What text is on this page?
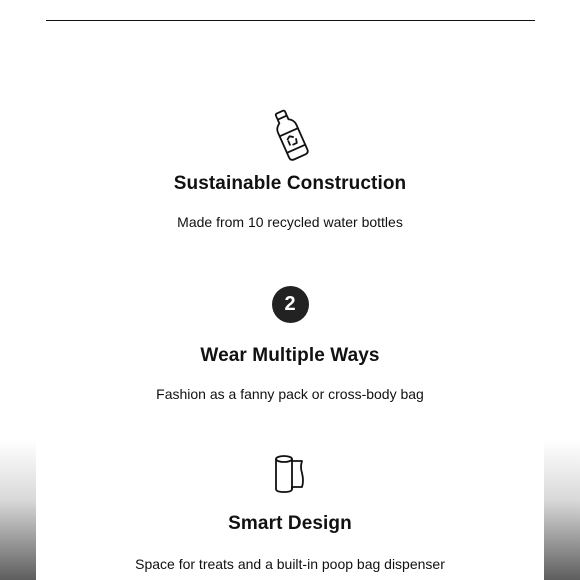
Sustainable Construction
Made from 10 recycled water bottles
2
Wear Multiple Ways
Fashion as a fanny pack or cross-body bag
Smart Design
Space for treats and a built-in poop bag dispenser
